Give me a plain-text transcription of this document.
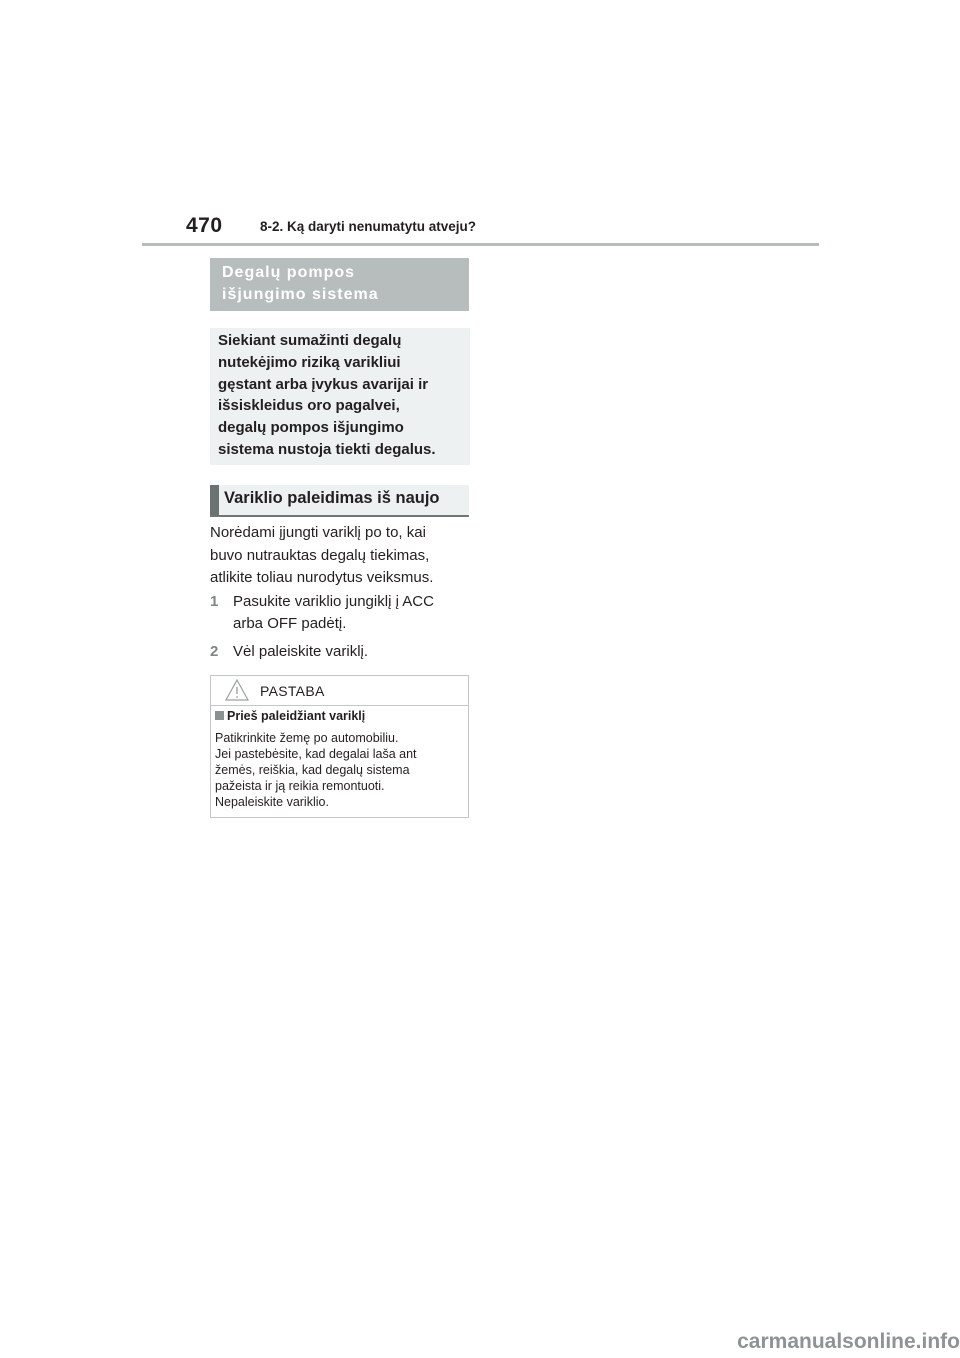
470	8-2. Ką daryti nenumatytu atveju?
Degalų pompos
išjungimo sistema
Siekiant sumažinti degalų
nutekėjimo riziką varikliui
gęstant arba įvykus avarijai ir
išsiskleidus oro pagalvei,
degalų pompos išjungimo
sistema nustoja tiekti degalus.
Variklio paleidimas iš naujo
Norėdami įjungti variklį po to, kai
buvo nutrauktas degalų tiekimas,
atlikite toliau nurodytus veiksmus.
1 Pasukite variklio jungiklį į ACC
arba OFF padėtį.
2 Vėl paleiskite variklį.
PASTABA
Prieš paleidžiant variklį
Patikrinkite žemę po automobiliu.
Jei pastebėsite, kad degalai laša ant
žemės, reiškia, kad degalų sistema
pažeista ir ją reikia remontuoti.
Nepaleiskite variklio.
carmanualsonline.info
